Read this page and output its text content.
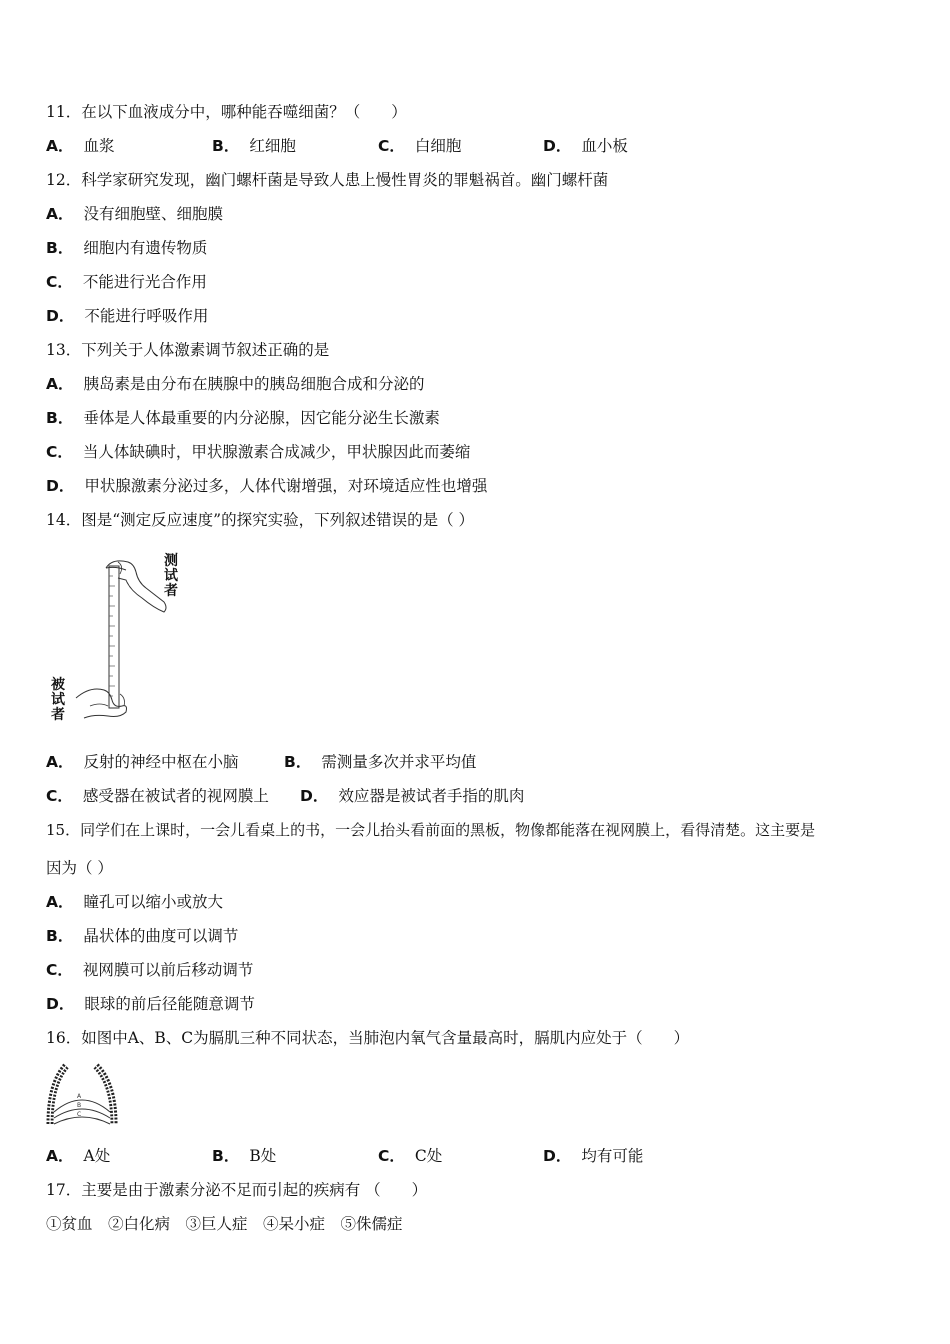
11．在以下血液成分中，哪种能吞噬细菌？（　　）
A． 血浆	B． 红细胞	C． 白细胞	D． 血小板
12．科学家研究发现，幽门螺杆菌是导致人患上慢性胃炎的罪魁祸首。幽门螺杆菌
A． 没有细胞壁、细胞膜
B． 细胞内有遗传物质
C． 不能进行光合作用
D． 不能进行呼吸作用
13．下列关于人体激素调节叙述正确的是
A． 胰岛素是由分布在胰腺中的胰岛细胞合成和分泌的
B． 垂体是人体最重要的内分泌腺，因它能分泌生长激素
C． 当人体缺碘时，甲状腺激素合成减少，甲状腺因此而萎缩
D． 甲状腺激素分泌过多，人体代谢增强，对环境适应性也增强
14．图是“测定反应速度”的探究实验，下列叙述错误的是（ ）
测试者
被试者
A． 反射的神经中枢在小脑	B． 需测量多次并求平均值
C． 感受器在被试者的视网膜上 D． 效应器是被试者手指的肌肉
15．同学们在上课时，一会儿看桌上的书，一会儿抬头看前面的黑板，物像都能落在视网膜上，看得清楚。这主要是
因为（ ）
A． 瞳孔可以缩小或放大
B． 晶状体的曲度可以调节
C． 视网膜可以前后移动调节
D． 眼球的前后径能随意调节
16．如图中A、B、C为膈肌三种不同状态，当肺泡内氧气含量最高时，膈肌内应处于（　　）
A
B
C
A． A处	B． B处	C． C处	D． 均有可能
17．主要是由于激素分泌不足而引起的疾病有 （　　）
①贫血　②白化病　③巨人症　④呆小症　⑤侏儒症
